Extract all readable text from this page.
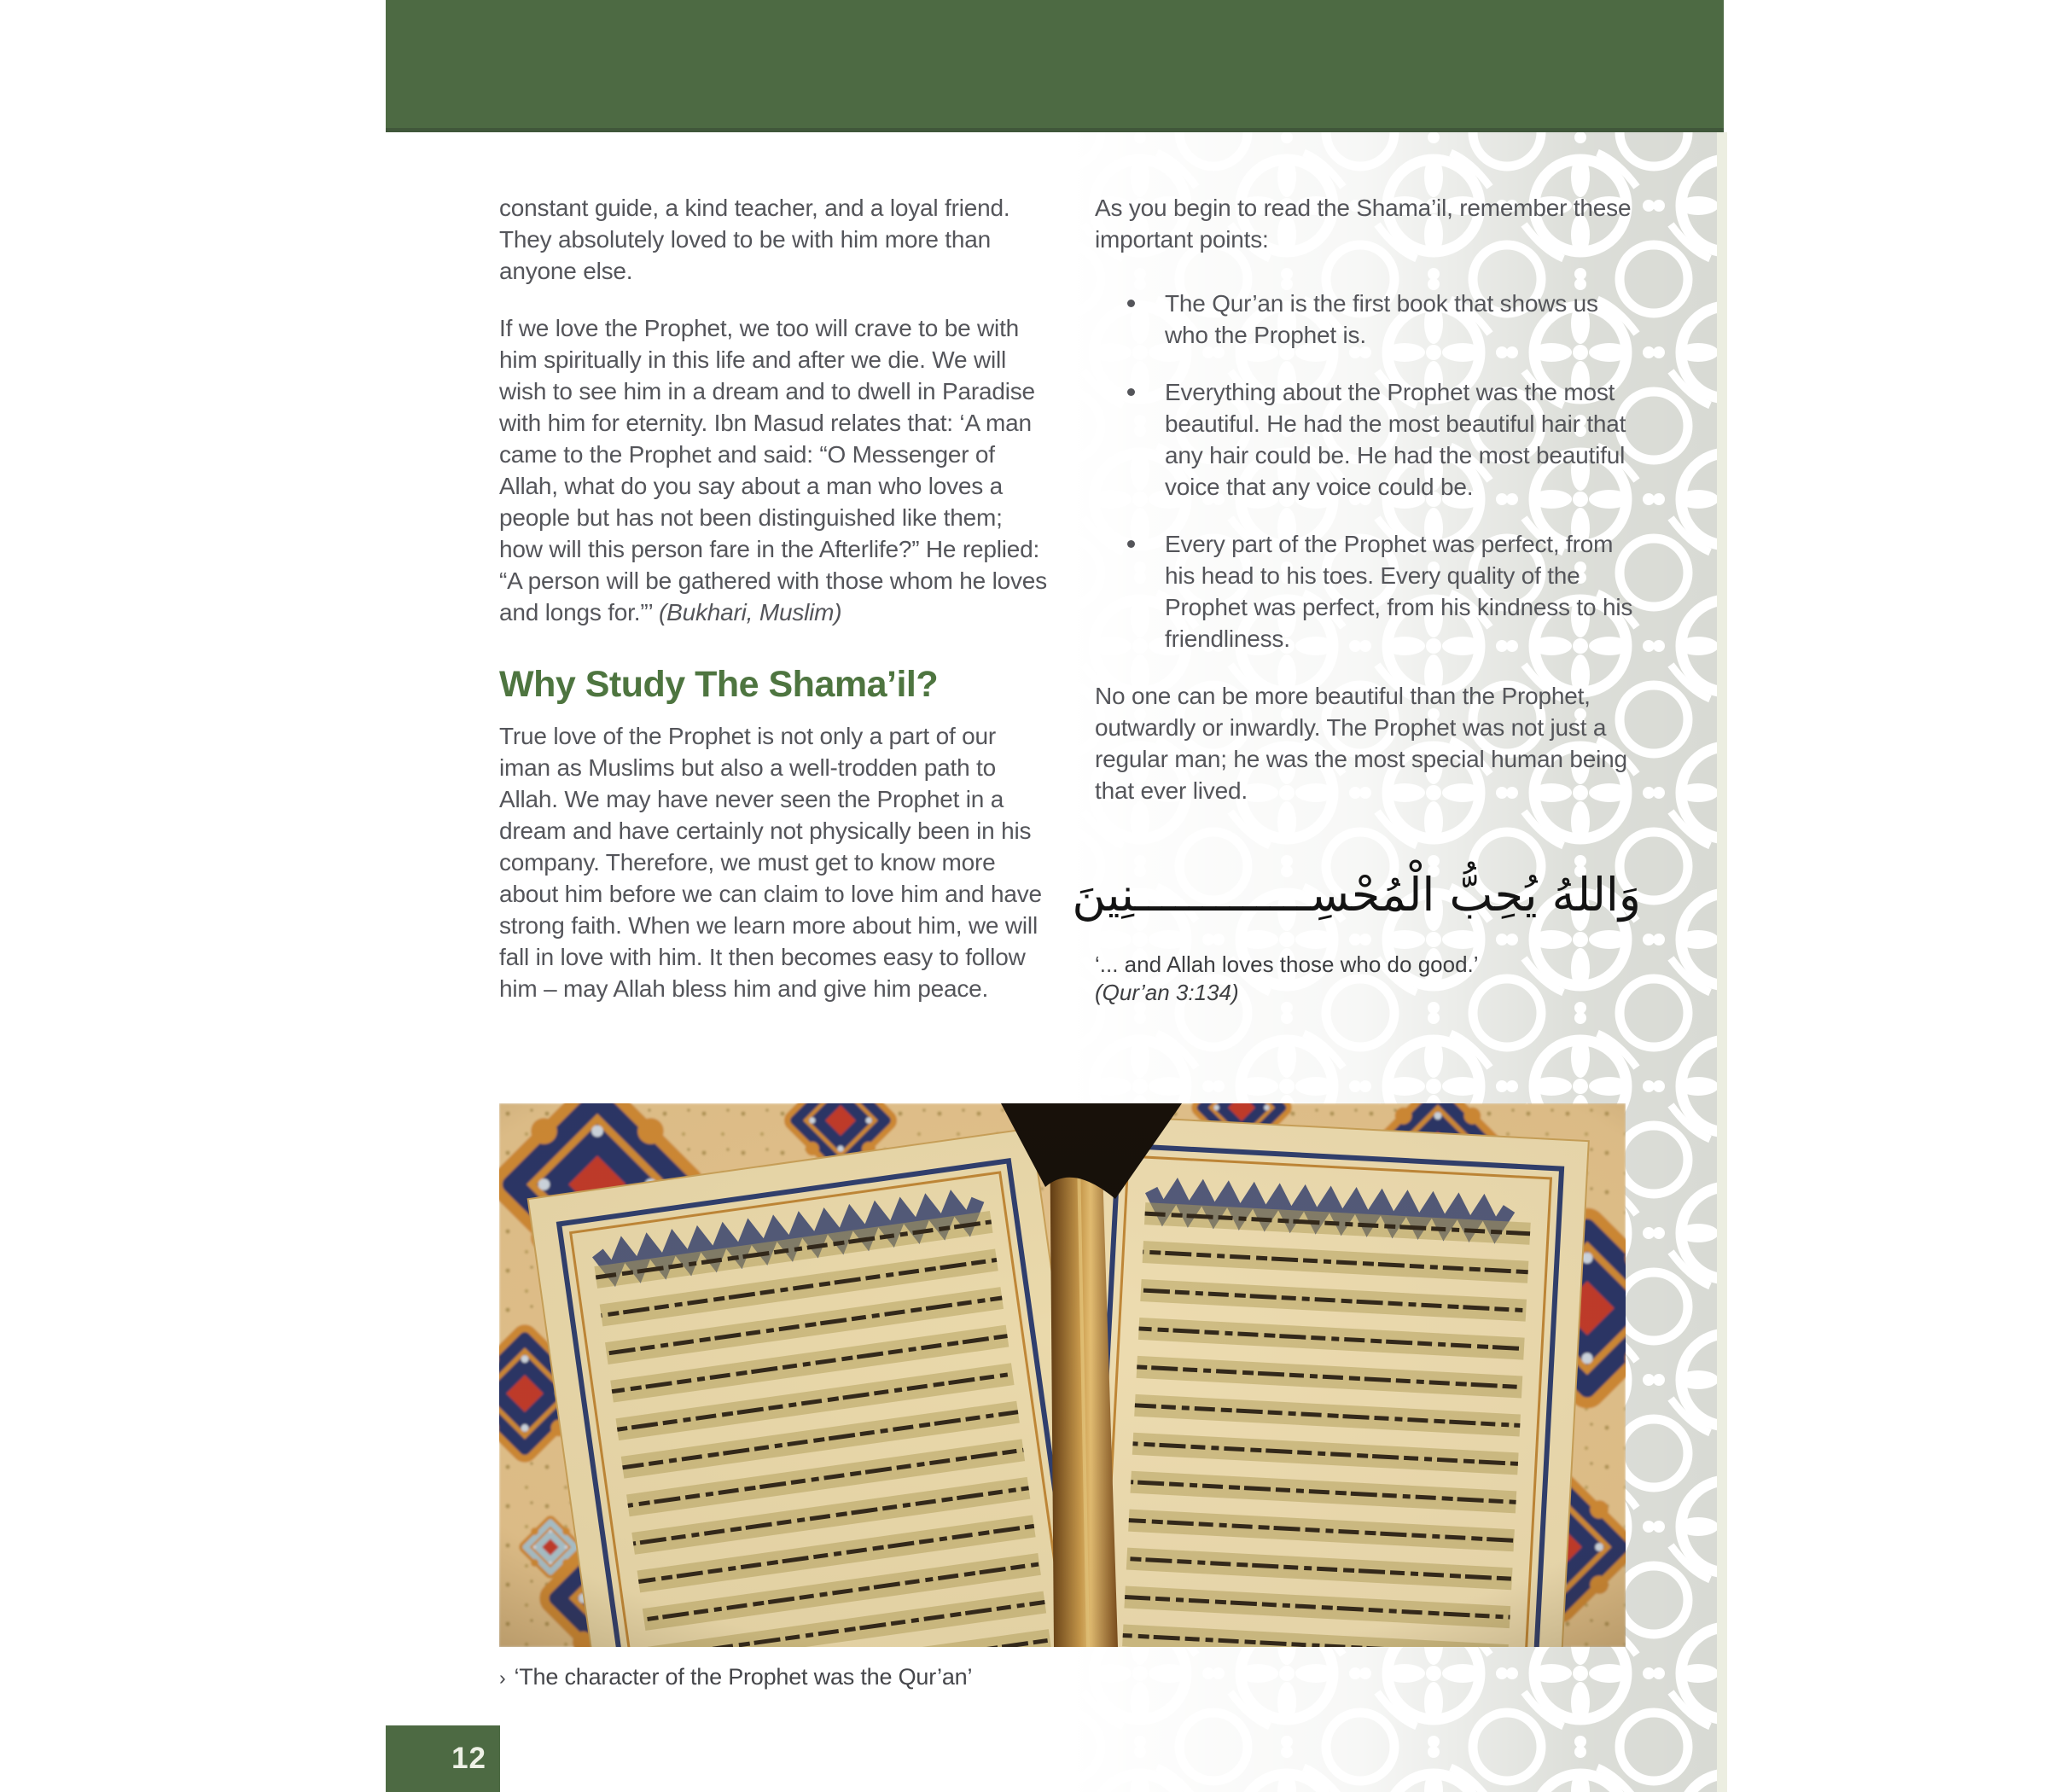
constant guide, a kind teacher, and a loyal friend. They absolutely loved to be with him more than anyone else.

If we love the Prophet, we too will crave to be with him spiritually in this life and after we die. We will wish to see him in a dream and to dwell in Paradise with him for eternity. Ibn Masud relates that: ‘A man came to the Prophet and said: “O Messenger of Allah, what do you say about a man who loves a people but has not been distinguished like them; how will this person fare in the Afterlife?” He replied: “A person will be gathered with those whom he loves and longs for.”’ (Bukhari, Muslim)

Why Study The Shama’il?

True love of the Prophet is not only a part of our iman as Muslims but also a well-trodden path to Allah. We may have never seen the Prophet in a dream and have certainly not physically been in his company. Therefore, we must get to know more about him before we can claim to love him and have strong faith. When we learn more about him, we will fall in love with him. It then becomes easy to follow him – may Allah bless him and give him peace.

As you begin to read the Shama’il, remember these important points:

The Qur’an is the first book that shows us who the Prophet is.
Everything about the Prophet was the most beautiful. He had the most beautiful hair that any hair could be. He had the most beautiful voice that any voice could be.
Every part of the Prophet was perfect, from his head to his toes. Every quality of the Prophet was perfect, from his kindness to his friendliness.

No one can be more beautiful than the Prophet, outwardly or inwardly. The Prophet was not just a regular man; he was the most special human being that ever lived.

وَاللهُ يُحِبُّ الْمُحْسِـــــــــــــنِينَ
‘... and Allah loves those who do good.’
(Qur’an 3:134)
› ‘The character of the Prophet was the Qur’an’
12
